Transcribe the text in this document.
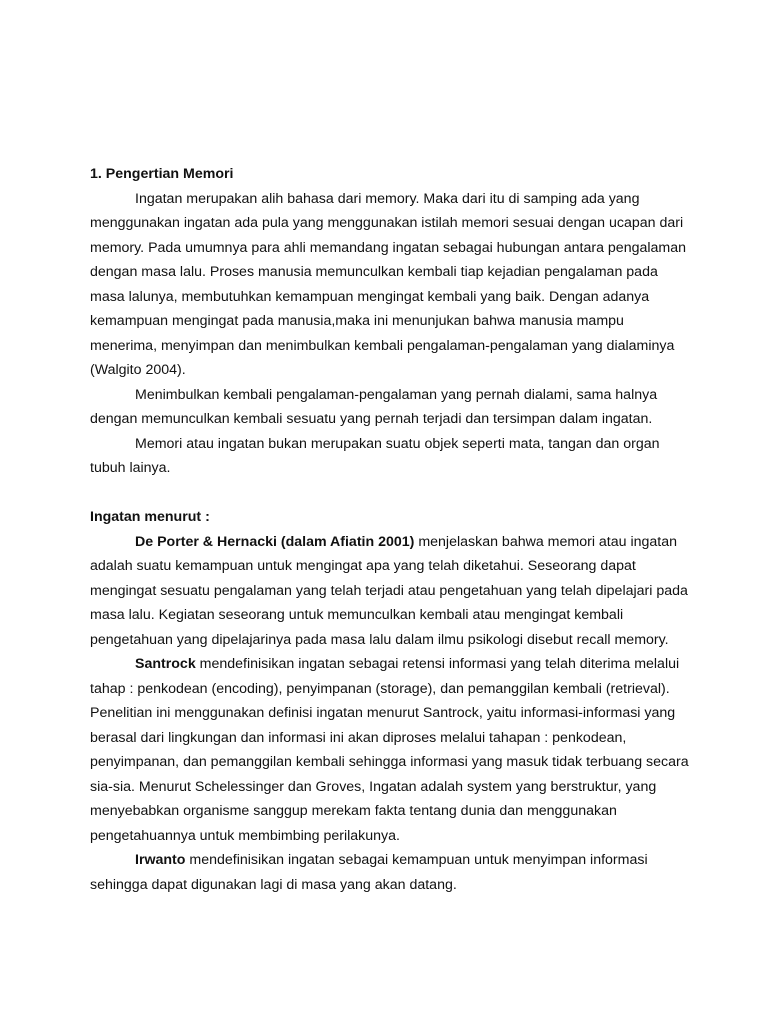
1. Pengertian Memori
Ingatan merupakan alih bahasa dari memory. Maka dari itu di samping ada yang
menggunakan ingatan ada pula yang menggunakan istilah memori sesuai dengan ucapan dari
memory. Pada umumnya para ahli memandang ingatan sebagai hubungan antara pengalaman
dengan masa lalu. Proses manusia memunculkan kembali tiap kejadian pengalaman pada
masa lalunya, membutuhkan kemampuan mengingat kembali yang baik. Dengan adanya
kemampuan mengingat pada manusia,maka ini menunjukan bahwa manusia mampu
menerima, menyimpan dan menimbulkan kembali pengalaman-pengalaman yang dialaminya
(Walgito 2004).
Menimbulkan kembali pengalaman-pengalaman yang pernah dialami, sama halnya
dengan memunculkan kembali sesuatu yang pernah terjadi dan tersimpan dalam ingatan.
Memori atau ingatan bukan merupakan suatu objek seperti mata, tangan dan organ
tubuh lainya.
Ingatan menurut :
De Porter & Hernacki (dalam Afiatin 2001) menjelaskan bahwa memori atau ingatan
adalah suatu kemampuan untuk mengingat apa yang telah diketahui. Seseorang dapat
mengingat sesuatu pengalaman yang telah terjadi atau pengetahuan yang telah dipelajari pada
masa lalu. Kegiatan seseorang untuk memunculkan kembali atau mengingat kembali
pengetahuan yang dipelajarinya pada masa lalu dalam ilmu psikologi disebut recall memory.
Santrock mendefinisikan ingatan sebagai retensi informasi yang telah diterima melalui
tahap : penkodean (encoding), penyimpanan (storage), dan pemanggilan kembali (retrieval).
Penelitian ini menggunakan definisi ingatan menurut Santrock, yaitu informasi-informasi yang
berasal dari lingkungan dan informasi ini akan diproses melalui tahapan : penkodean,
penyimpanan, dan pemanggilan kembali sehingga informasi yang masuk tidak terbuang secara
sia-sia. Menurut Schelessinger dan Groves, Ingatan adalah system yang berstruktur, yang
menyebabkan organisme sanggup merekam fakta tentang dunia dan menggunakan
pengetahuannya untuk membimbing perilakunya.
Irwanto mendefinisikan ingatan sebagai kemampuan untuk menyimpan informasi
sehingga dapat digunakan lagi di masa yang akan datang.
